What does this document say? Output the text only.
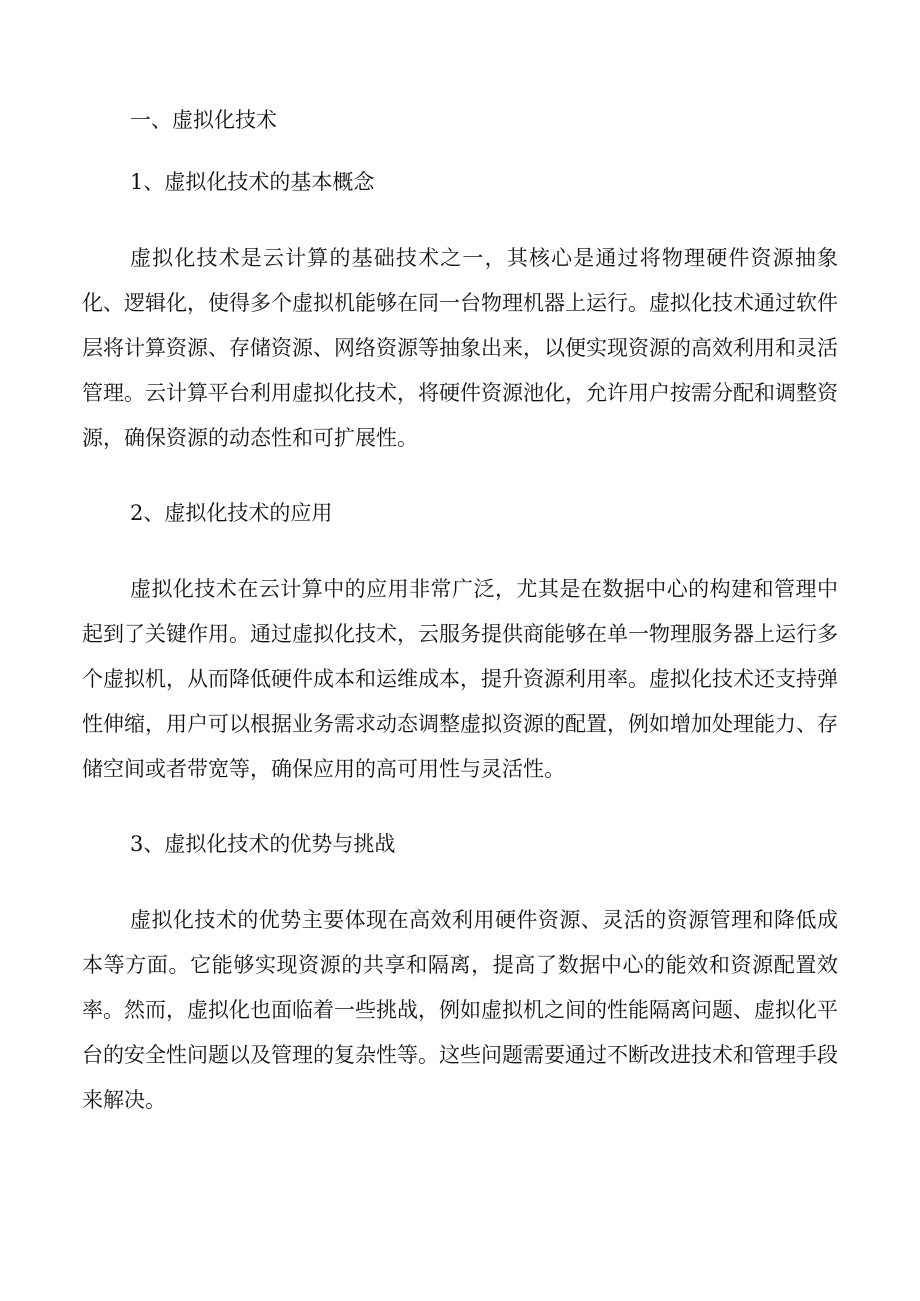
一、虚拟化技术
1、虚拟化技术的基本概念

虚拟化技术是云计算的基础技术之一，其核心是通过将物理硬件资源抽象化、逻辑化，使得多个虚拟机能够在同一台物理机器上运行。虚拟化技术通过软件层将计算资源、存储资源、网络资源等抽象出来，以便实现资源的高效利用和灵活管理。云计算平台利用虚拟化技术，将硬件资源池化，允许用户按需分配和调整资源，确保资源的动态性和可扩展性。

2、虚拟化技术的应用

虚拟化技术在云计算中的应用非常广泛，尤其是在数据中心的构建和管理中起到了关键作用。通过虚拟化技术，云服务提供商能够在单一物理服务器上运行多个虚拟机，从而降低硬件成本和运维成本，提升资源利用率。虚拟化技术还支持弹性伸缩，用户可以根据业务需求动态调整虚拟资源的配置，例如增加处理能力、存储空间或者带宽等，确保应用的高可用性与灵活性。

3、虚拟化技术的优势与挑战

虚拟化技术的优势主要体现在高效利用硬件资源、灵活的资源管理和降低成本等方面。它能够实现资源的共享和隔离，提高了数据中心的能效和资源配置效率。然而，虚拟化也面临着一些挑战，例如虚拟机之间的性能隔离问题、虚拟化平台的安全性问题以及管理的复杂性等。这些问题需要通过不断改进技术和管理手段来解决。
